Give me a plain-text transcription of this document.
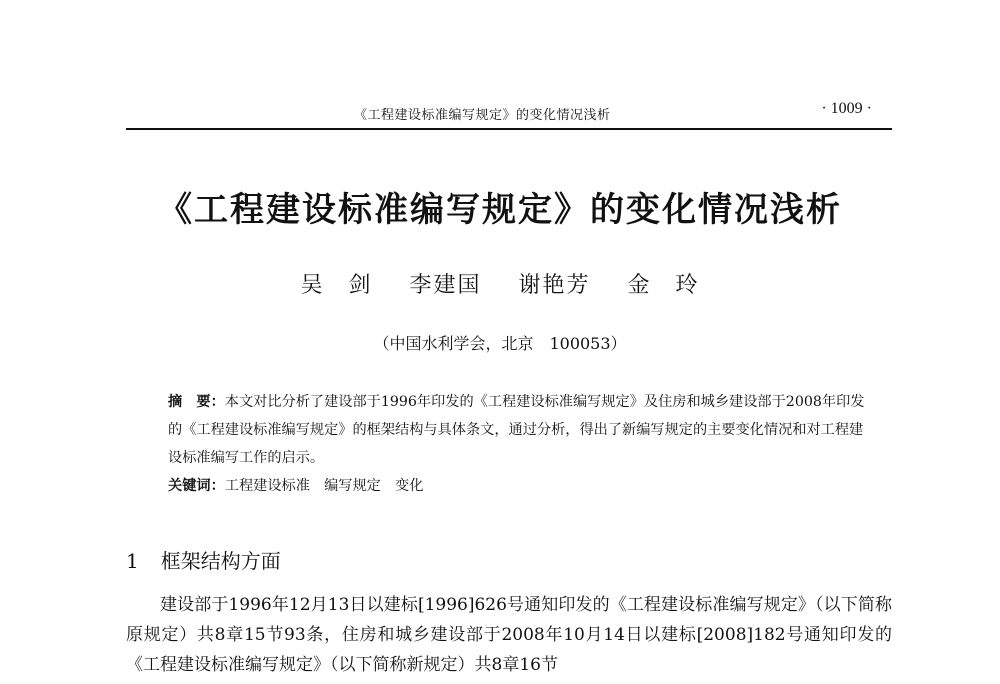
《工程建设标准编写规定》的变化情况浅析	· 1009 ·
《工程建设标准编写规定》的变化情况浅析
吴　剑 李建国 谢艳芳 金　玲
（中国水利学会，北京　100053）

摘　要：本文对比分析了建设部于1996年印发的《工程建设标准编写规定》及住房和城乡建设部于2008年印发的《工程建设标准编写规定》的框架结构与具体条文，通过分析，得出了新编写规定的主要变化情况和对工程建设标准编写工作的启示。

关键词：工程建设标准　编写规定　变化

1 框架结构方面

建设部于1996年12月13日以建标[1996]626号通知印发的《工程建设标准编写规定》（以下简称原规定）共8章15节93条，住房和城乡建设部于2008年10月14日以建标[2008]182号通知印发的《工程建设标准编写规定》（以下简称新规定）共8章16节
